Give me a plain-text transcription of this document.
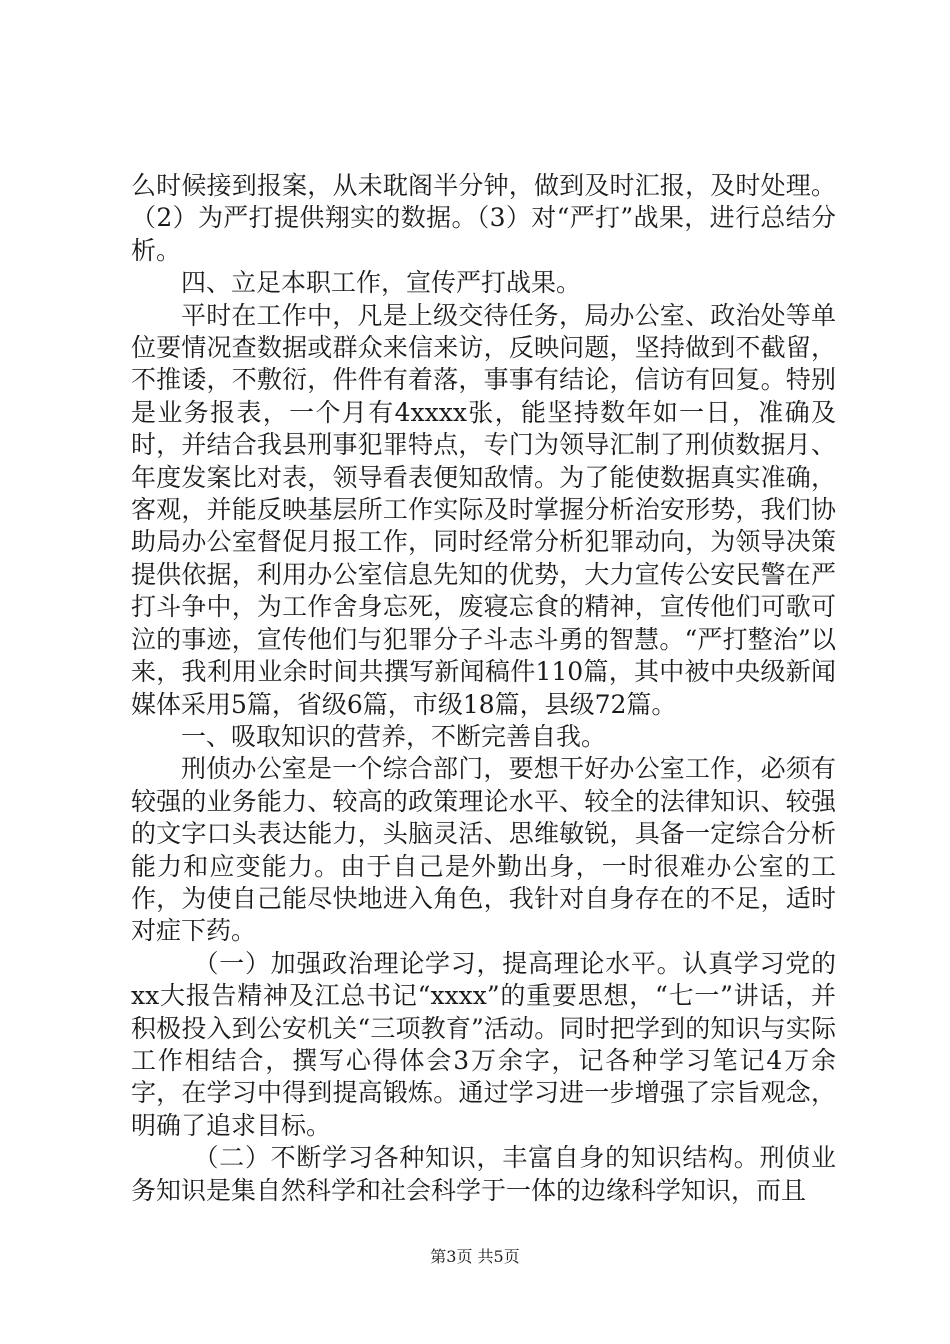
么时候接到报案，从未耽阁半分钟，做到及时汇报，及时处理。（2）为严打提供翔实的数据。（3）对“严打”战果，进行总结分析。

四、立足本职工作，宣传严打战果。

平时在工作中，凡是上级交待任务，局办公室、政治处等单位要情况查数据或群众来信来访，反映问题，坚持做到不截留，不推诿，不敷衍，件件有着落，事事有结论，信访有回复。特别是业务报表，一个月有4xxxx张，能坚持数年如一日，准确及时，并结合我县刑事犯罪特点，专门为领导汇制了刑侦数据月、年度发案比对表，领导看表便知敌情。为了能使数据真实准确，客观，并能反映基层所工作实际及时掌握分析治安形势，我们协助局办公室督促月报工作，同时经常分析犯罪动向，为领导决策提供依据，利用办公室信息先知的优势，大力宣传公安民警在严打斗争中，为工作舍身忘死，废寝忘食的精神，宣传他们可歌可泣的事迹，宣传他们与犯罪分子斗志斗勇的智慧。“严打整治”以来，我利用业余时间共撰写新闻稿件110篇，其中被中央级新闻媒体采用5篇，省级6篇，市级18篇，县级72篇。

一、吸取知识的营养，不断完善自我。

刑侦办公室是一个综合部门，要想干好办公室工作，必须有较强的业务能力、较高的政策理论水平、较全的法律知识、较强的文字口头表达能力，头脑灵活、思维敏锐，具备一定综合分析能力和应变能力。由于自己是外勤出身，一时很难办公室的工作，为使自己能尽快地进入角色，我针对自身存在的不足，适时对症下药。

（一）加强政治理论学习，提高理论水平。认真学习党的xx大报告精神及江总书记“xxxx”的重要思想，“七一”讲话，并积极投入到公安机关“三项教育”活动。同时把学到的知识与实际工作相结合，撰写心得体会3万余字，记各种学习笔记4万余字，在学习中得到提高锻炼。通过学习进一步增强了宗旨观念，明确了追求目标。

（二）不断学习各种知识，丰富自身的知识结构。刑侦业务知识是集自然科学和社会科学于一体的边缘科学知识，而且

第3页 共5页
